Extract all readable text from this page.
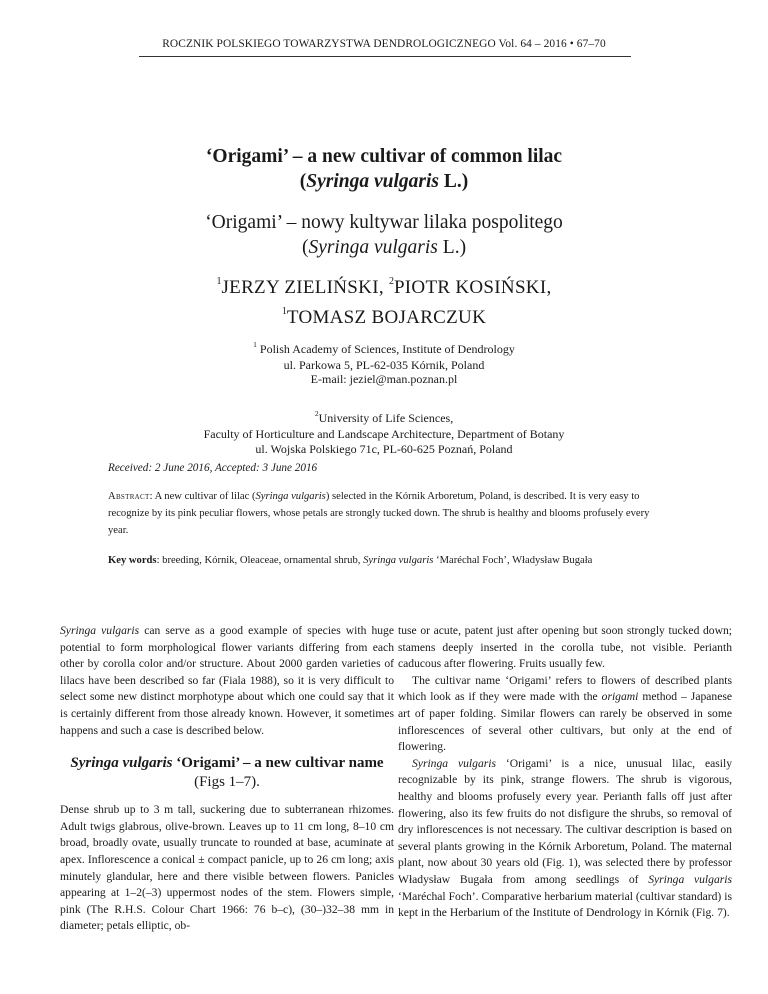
ROCZNIK POLSKIEGO TOWARZYSTWA DENDROLOGICZNEGO Vol. 64 – 2016 • 67–70
‘Origami’ – a new cultivar of common lilac
(Syringa vulgaris L.)
‘Origami’ – nowy kultywar lilaka pospolitego
(Syringa vulgaris L.)
$^1$JERZY ZIELIŃSKI, $^2$PIOTR KOSIŃSKI,
$^1$TOMASZ BOJARCZUK
$^1$ Polish Academy of Sciences, Institute of Dendrology
ul. Parkowa 5, PL-62-035 Kórnik, Poland
E-mail: jeziel@man.poznan.pl
$^2$University of Life Sciences,
Faculty of Horticulture and Landscape Architecture, Department of Botany
ul. Wojska Polskiego 71c, PL-60-625 Poznań, Poland
Received: 2 June 2016, Accepted: 3 June 2016
Abstract: A new cultivar of lilac (Syringa vulgaris) selected in the Kórnik Arboretum, Poland, is described. It is very easy to recognize by its pink peculiar flowers, whose petals are strongly tucked down. The shrub is healthy and blooms profusely every year.
Key words: breeding, Kórnik, Oleaceae, ornamental shrub, Syringa vulgaris ‘Maréchal Foch’, Władysław Bugała

Syringa vulgaris can serve as a good example of species with huge potential to form morphological flower variants differing from each other by corolla color and/or structure. About 2000 garden varieties of lilacs have been described so far (Fiala 1988), so it is very difficult to select some new distinct morphotype about which one could say that it is certainly different from those already known. However, it sometimes happens and such a case is described below.

Syringa vulgaris ‘Origami’ – a new cultivar name (Figs 1–7).

Dense shrub up to 3 m tall, suckering due to subterranean rhizomes. Adult twigs glabrous, olive-brown. Leaves up to 11 cm long, 8–10 cm broad, broadly ovate, usually truncate to rounded at base, acuminate at apex. Inflorescence a conical ± compact panicle, up to 26 cm long; axis minutely glandular, here and there visible between flowers. Panicles appearing at 1–2(–3) uppermost nodes of the stem. Flowers simple, pink (The R.H.S. Colour Chart 1966: 76 b–c), (30–)32–38 mm in diameter; petals elliptic, ob-

tuse or acute, patent just after opening but soon strongly tucked down; stamens deeply inserted in the corolla tube, not visible. Perianth caducous after flowering. Fruits usually few.

The cultivar name ‘Origami’ refers to flowers of described plants which look as if they were made with the origami method – Japanese art of paper folding. Similar flowers can rarely be observed in some inflorescences of several other cultivars, but only at the end of flowering.

Syringa vulgaris ‘Origami’ is a nice, unusual lilac, easily recognizable by its pink, strange flowers. The shrub is vigorous, healthy and blooms profusely every year. Perianth falls off just after flowering, also its few fruits do not disfigure the shrubs, so removal of dry inflorescences is not necessary. The cultivar description is based on several plants growing in the Kórnik Arboretum, Poland. The maternal plant, now about 30 years old (Fig. 1), was selected there by professor Władysław Bugała from among seedlings of Syringa vulgaris ‘Maréchal Foch’. Comparative herbarium material (cultivar standard) is kept in the Herbarium of the Institute of Dendrology in Kórnik (Fig. 7).
